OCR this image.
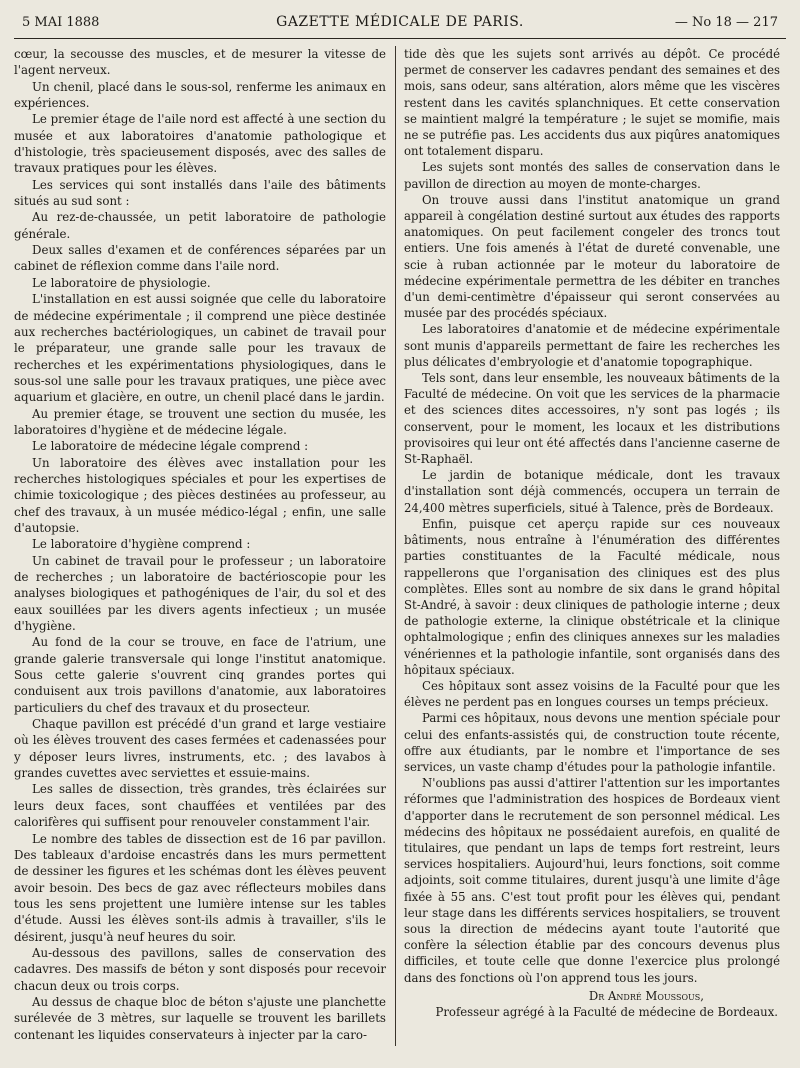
5 MAI 1888	GAZETTE MÉDICALE DE PARIS.	— No 18 — 217

cœur, la secousse des muscles, et de mesurer la vitesse de l'agent nerveux.

Un chenil, placé dans le sous-sol, renferme les animaux en expériences.

Le premier étage de l'aile nord est affecté à une section du musée et aux laboratoires d'anatomie pathologique et d'histologie, très spacieusement disposés, avec des salles de travaux pratiques pour les élèves.

Les services qui sont installés dans l'aile des bâtiments situés au sud sont :

Au rez-de-chaussée, un petit laboratoire de pathologie générale.

Deux salles d'examen et de conférences séparées par un cabinet de réflexion comme dans l'aile nord.

Le laboratoire de physiologie.

L'installation en est aussi soignée que celle du laboratoire de médecine expérimentale ; il comprend une pièce destinée aux recherches bactériologiques, un cabinet de travail pour le préparateur, une grande salle pour les travaux de recherches et les expérimentations physiologiques, dans le sous-sol une salle pour les travaux pratiques, une pièce avec aquarium et glacière, en outre, un chenil placé dans le jardin.

Au premier étage, se trouvent une section du musée, les laboratoires d'hygiène et de médecine légale.

Le laboratoire de médecine légale comprend :

Un laboratoire des élèves avec installation pour les recherches histologiques spéciales et pour les expertises de chimie toxicologique ; des pièces destinées au professeur, au chef des travaux, à un musée médico-légal ; enfin, une salle d'autopsie.

Le laboratoire d'hygiène comprend :

Un cabinet de travail pour le professeur ; un laboratoire de recherches ; un laboratoire de bactérioscopie pour les analyses biologiques et pathogéniques de l'air, du sol et des eaux souillées par les divers agents infectieux ; un musée d'hygiène.

Au fond de la cour se trouve, en face de l'atrium, une grande galerie transversale qui longe l'institut anatomique. Sous cette galerie s'ouvrent cinq grandes portes qui conduisent aux trois pavillons d'anatomie, aux laboratoires particuliers du chef des travaux et du prosecteur.

Chaque pavillon est précédé d'un grand et large vestiaire où les élèves trouvent des cases fermées et cadenassées pour y déposer leurs livres, instruments, etc. ; des lavabos à grandes cuvettes avec serviettes et essuie-mains.

Les salles de dissection, très grandes, très éclairées sur leurs deux faces, sont chauffées et ventilées par des calorifères qui suffisent pour renouveler constamment l'air.

Le nombre des tables de dissection est de 16 par pavillon. Des tableaux d'ardoise encastrés dans les murs permettent de dessiner les figures et les schémas dont les élèves peuvent avoir besoin. Des becs de gaz avec réflecteurs mobiles dans tous les sens projettent une lumière intense sur les tables d'étude. Aussi les élèves sont-ils admis à travailler, s'ils le désirent, jusqu'à neuf heures du soir.

Au-dessous des pavillons, salles de conservation des cadavres. Des massifs de béton y sont disposés pour recevoir chacun deux ou trois corps.

Au dessus de chaque bloc de béton s'ajuste une planchette surélevée de 3 mètres, sur laquelle se trouvent les barillets contenant les liquides conservateurs à injecter par la caro-

tide dès que les sujets sont arrivés au dépôt. Ce procédé permet de conserver les cadavres pendant des semaines et des mois, sans odeur, sans altération, alors même que les viscères restent dans les cavités splanchniques. Et cette conservation se maintient malgré la température ; le sujet se momifie, mais ne se putréfie pas. Les accidents dus aux piqûres anatomiques ont totalement disparu.

Les sujets sont montés des salles de conservation dans le pavillon de direction au moyen de monte-charges.

On trouve aussi dans l'institut anatomique un grand appareil à congélation destiné surtout aux études des rapports anatomiques. On peut facilement congeler des troncs tout entiers. Une fois amenés à l'état de dureté convenable, une scie à ruban actionnée par le moteur du laboratoire de médecine expérimentale permettra de les débiter en tranches d'un demi-centimètre d'épaisseur qui seront conservées au musée par des procédés spéciaux.

Les laboratoires d'anatomie et de médecine expérimentale sont munis d'appareils permettant de faire les recherches les plus délicates d'embryologie et d'anatomie topographique.

Tels sont, dans leur ensemble, les nouveaux bâtiments de la Faculté de médecine. On voit que les services de la pharmacie et des sciences dites accessoires, n'y sont pas logés ; ils conservent, pour le moment, les locaux et les distributions provisoires qui leur ont été affectés dans l'ancienne caserne de St-Raphaël.

Le jardin de botanique médicale, dont les travaux d'installation sont déjà commencés, occupera un terrain de 24,400 mètres superficiels, situé à Talence, près de Bordeaux.

Enfin, puisque cet aperçu rapide sur ces nouveaux bâtiments, nous entraîne à l'énumération des différentes parties constituantes de la Faculté médicale, nous rappellerons que l'organisation des cliniques est des plus complètes. Elles sont au nombre de six dans le grand hôpital St-André, à savoir : deux cliniques de pathologie interne ; deux de pathologie externe, la clinique obstétricale et la clinique ophtalmologique ; enfin des cliniques annexes sur les maladies vénériennes et la pathologie infantile, sont organisés dans des hôpitaux spéciaux.

Ces hôpitaux sont assez voisins de la Faculté pour que les élèves ne perdent pas en longues courses un temps précieux.

Parmi ces hôpitaux, nous devons une mention spéciale pour celui des enfants-assistés qui, de construction toute récente, offre aux étudiants, par le nombre et l'importance de ses services, un vaste champ d'études pour la pathologie infantile.

N'oublions pas aussi d'attirer l'attention sur les importantes réformes que l'administration des hospices de Bordeaux vient d'apporter dans le recrutement de son personnel médical. Les médecins des hôpitaux ne possédaient aurefois, en qualité de titulaires, que pendant un laps de temps fort restreint, leurs services hospitaliers. Aujourd'hui, leurs fonctions, soit comme adjoints, soit comme titulaires, durent jusqu'à une limite d'âge fixée à 55 ans. C'est tout profit pour les élèves qui, pendant leur stage dans les différents services hospitaliers, se trouvent sous la direction de médecins ayant toute l'autorité que confère la sélection établie par des concours devenus plus difficiles, et toute celle que donne l'exercice plus prolongé dans des fonctions où l'on apprend tous les jours.

Dr André Moussous,
Professeur agrégé à la Faculté de médecine de Bordeaux.
